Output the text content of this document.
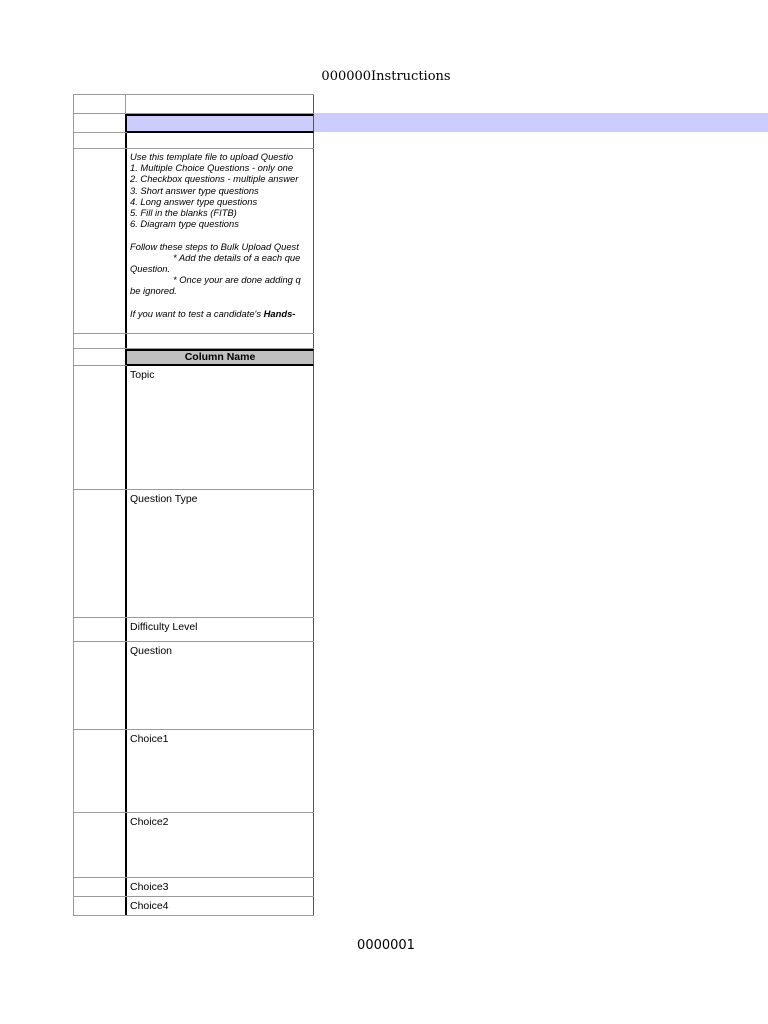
000000Instructions
Use this template file to upload Questio
1. Multiple Choice Questions - only one
2. Checkbox questions - multiple answer
3. Short answer type questions
4. Long answer type questions
5. Fill in the blanks (FITB)
6. Diagram type questions
Follow these steps to Bulk Upload Quest
* Add the details of a each que
Question.
* Once your are done adding q
be ignored.
If you want to test a candidate's Hands-
Column Name
Topic
Question Type
Difficulty Level
Question
Choice1
Choice2
Choice3
Choice4
0000001
